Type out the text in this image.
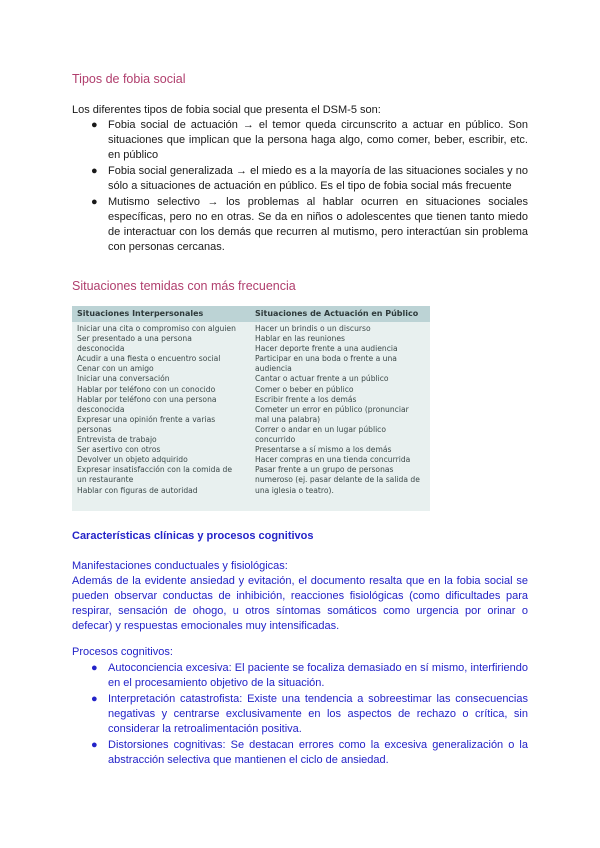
Tipos de fobia social

Los diferentes tipos de fobia social que presenta el DSM-5 son:

● Fobia social de actuación → el temor queda circunscrito a actuar en público. Son situaciones que implican que la persona haga algo, como comer, beber, escribir, etc. en público
● Fobia social generalizada → el miedo es a la mayoría de las situaciones sociales y no sólo a situaciones de actuación en público. Es el tipo de fobia social más frecuente
● Mutismo selectivo → los problemas al hablar ocurren en situaciones sociales específicas, pero no en otras. Se da en niños o adolescentes que tienen tanto miedo de interactuar con los demás que recurren al mutismo, pero interactúan sin problema con personas cercanas.
Situaciones temidas con más frecuencia
Situaciones Interpersonales	Situaciones de Actuación en Público
Iniciar una cita o compromiso con alguien
Ser presentado a una persona
desconocida
Acudir a una fiesta o encuentro social
Cenar con un amigo
Iniciar una conversación
Hablar por teléfono con un conocido
Hablar por teléfono con una persona
desconocida
Expresar una opinión frente a varias
personas
Entrevista de trabajo
Ser asertivo con otros
Devolver un objeto adquirido
Expresar insatisfacción con la comida de
un restaurante
Hablar con figuras de autoridad
Hacer un brindis o un discurso
Hablar en las reuniones
Hacer deporte frente a una audiencia
Participar en una boda o frente a una
audiencia
Cantar o actuar frente a un público
Comer o beber en público
Escribir frente a los demás
Cometer un error en público (pronunciar
mal una palabra)
Correr o andar en un lugar público
concurrido
Presentarse a sí mismo a los demás
Hacer compras en una tienda concurrida
Pasar frente a un grupo de personas
numeroso (ej. pasar delante de la salida de
una iglesia o teatro).
Características clínicas y procesos cognitivos

Manifestaciones conductuales y fisiológicas:

Además de la evidente ansiedad y evitación, el documento resalta que en la fobia social se pueden observar conductas de inhibición, reacciones fisiológicas (como dificultades para respirar, sensación de ohogo, u otros síntomas somáticos como urgencia por orinar o defecar) y respuestas emocionales muy intensificadas.

Procesos cognitivos:

● Autoconciencia excesiva: El paciente se focaliza demasiado en sí mismo, interfiriendo en el procesamiento objetivo de la situación.
● Interpretación catastrofista: Existe una tendencia a sobreestimar las consecuencias negativas y centrarse exclusivamente en los aspectos de rechazo o crítica, sin considerar la retroalimentación positiva.
● Distorsiones cognitivas: Se destacan errores como la excesiva generalización o la abstracción selectiva que mantienen el ciclo de ansiedad.
